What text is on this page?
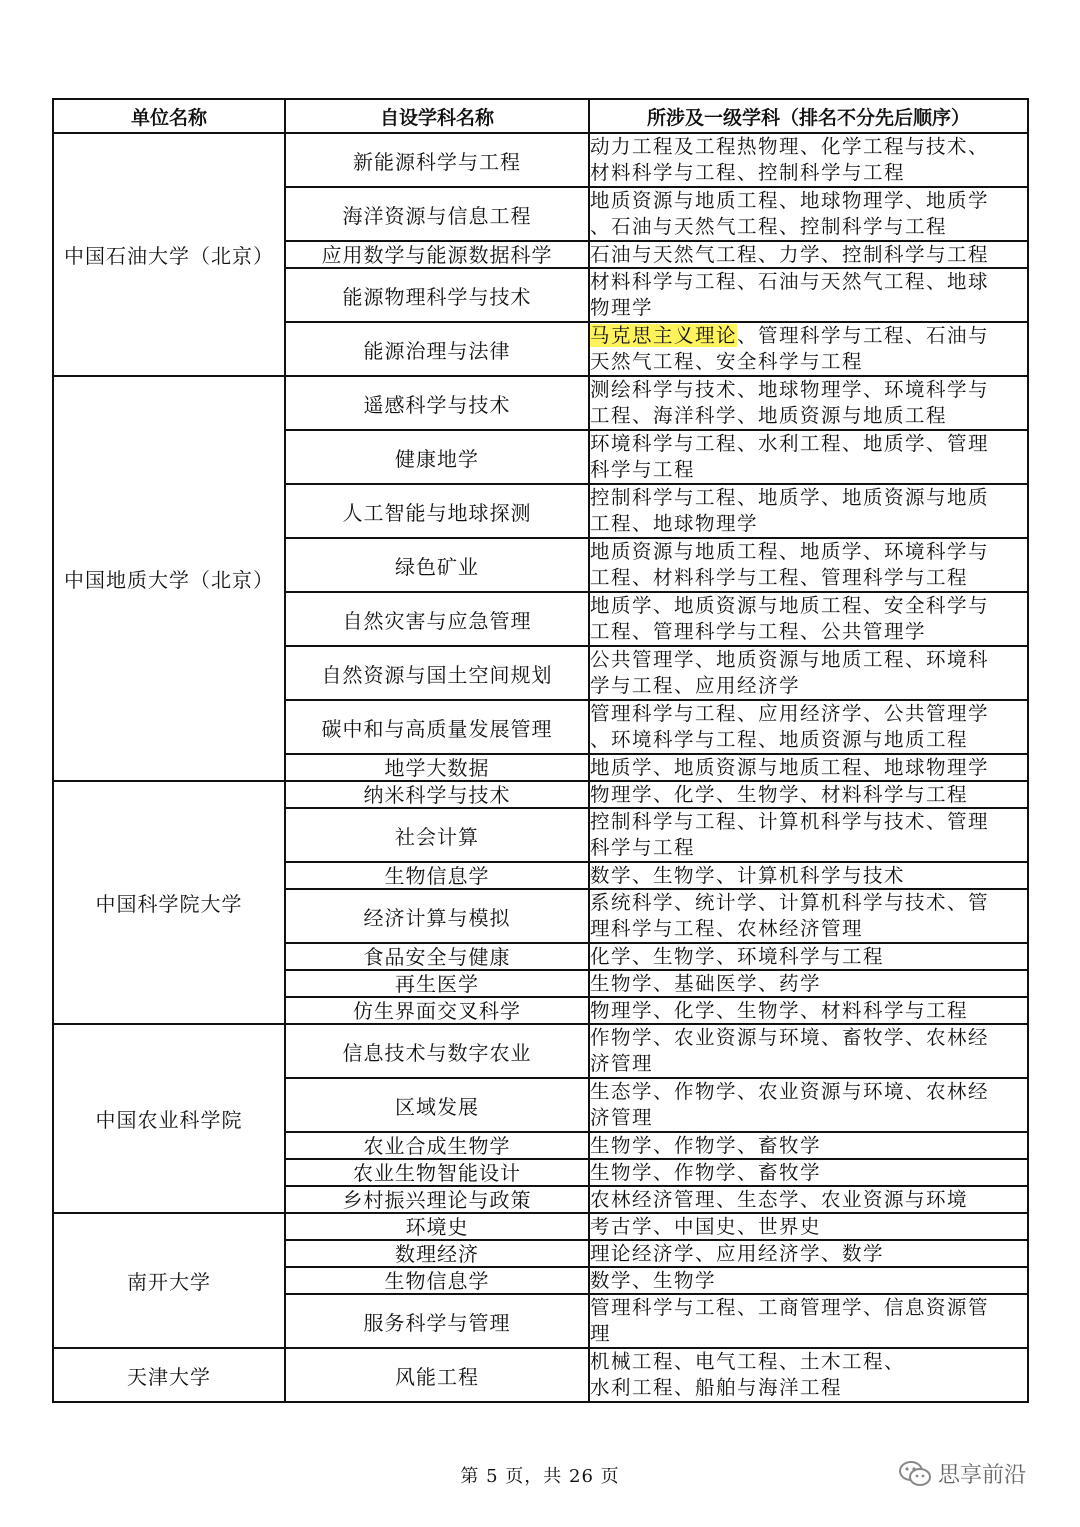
单位名称	自设学科名称	所涉及一级学科（排名不分先后顺序）
中国石油大学（北京）	新能源科学与工程	动力工程及工程热物理、化学工程与技术、
材料科学与工程、控制科学与工程

	海洋资源与信息工程	地质资源与地质工程、地球物理学、地质学
、石油与天然气工程、控制科学与工程

	应用数学与能源数据科学	石油与天然气工程、力学、控制科学与工程

	能源物理科学与技术	材料科学与工程、石油与天然气工程、地球
物理学

	能源治理与法律	马克思主义理论、管理科学与工程、石油与
天然气工程、安全科学与工程

中国地质大学（北京）	遥感科学与技术	测绘科学与技术、地球物理学、环境科学与
工程、海洋科学、地质资源与地质工程

	健康地学	环境科学与工程、水利工程、地质学、管理
科学与工程

	人工智能与地球探测	控制科学与工程、地质学、地质资源与地质
工程、地球物理学

	绿色矿业	地质资源与地质工程、地质学、环境科学与
工程、材料科学与工程、管理科学与工程

	自然灾害与应急管理	地质学、地质资源与地质工程、安全科学与
工程、管理科学与工程、公共管理学

	自然资源与国土空间规划	公共管理学、地质资源与地质工程、环境科
学与工程、应用经济学

	碳中和与高质量发展管理	管理科学与工程、应用经济学、公共管理学
、环境科学与工程、地质资源与地质工程

	地学大数据	地质学、地质资源与地质工程、地球物理学

中国科学院大学	纳米科学与技术	物理学、化学、生物学、材料科学与工程

	社会计算	控制科学与工程、计算机科学与技术、管理
科学与工程

	生物信息学	数学、生物学、计算机科学与技术

	经济计算与模拟	系统科学、统计学、计算机科学与技术、管
理科学与工程、农林经济管理

	食品安全与健康	化学、生物学、环境科学与工程

	再生医学	生物学、基础医学、药学

	仿生界面交叉科学	物理学、化学、生物学、材料科学与工程

中国农业科学院	信息技术与数字农业	作物学、农业资源与环境、畜牧学、农林经
济管理

	区域发展	生态学、作物学、农业资源与环境、农林经
济管理

	农业合成生物学	生物学、作物学、畜牧学

	农业生物智能设计	生物学、作物学、畜牧学

	乡村振兴理论与政策	农林经济管理、生态学、农业资源与环境

南开大学	环境史	考古学、中国史、世界史

	数理经济	理论经济学、应用经济学、数学

	生物信息学	数学、生物学

	服务科学与管理	管理科学与工程、工商管理学、信息资源管
理

天津大学	风能工程	机械工程、电气工程、土木工程、
水利工程、船舶与海洋工程
第 5 页，共 26 页	思享前沿
